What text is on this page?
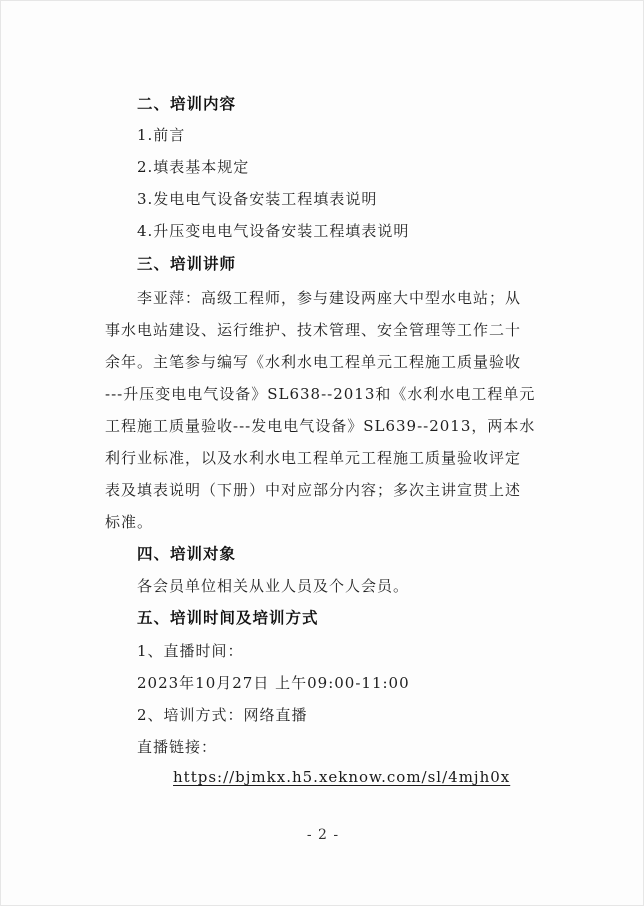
二、培训内容
1.前言
2.填表基本规定
3.发电电气设备安装工程填表说明
4.升压变电电气设备安装工程填表说明
三、培训讲师
李亚萍：高级工程师，参与建设两座大中型水电站；从
事水电站建设、运行维护、技术管理、安全管理等工作二十
余年。主笔参与编写《水利水电工程单元工程施工质量验收
---升压变电电气设备》SL638--2013和《水利水电工程单元
工程施工质量验收---发电电气设备》SL639--2013，两本水
利行业标准，以及水利水电工程单元工程施工质量验收评定
表及填表说明（下册）中对应部分内容；多次主讲宣贯上述
标准。
四、培训对象
各会员单位相关从业人员及个人会员。
五、培训时间及培训方式
1、直播时间：
2023年10月27日 上午09:00-11:00
2、培训方式：网络直播
直播链接：
https://bjmkx.h5.xeknow.com/sl/4mjh0x
- 2 -
